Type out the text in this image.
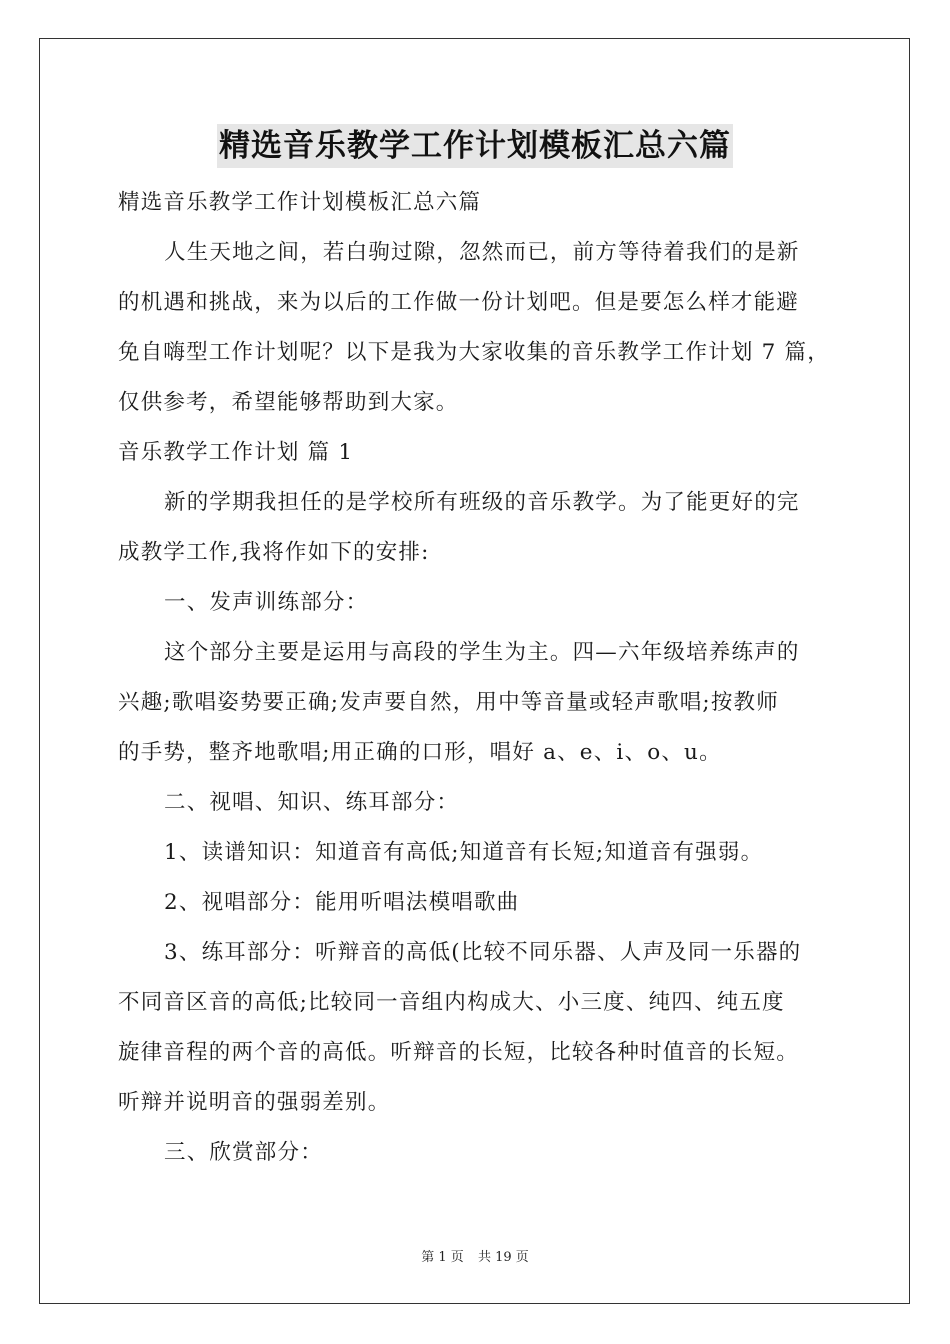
精选音乐教学工作计划模板汇总六篇
精选音乐教学工作计划模板汇总六篇
人生天地之间，若白驹过隙，忽然而已，前方等待着我们的是新
的机遇和挑战，来为以后的工作做一份计划吧。但是要怎么样才能避
免自嗨型工作计划呢？以下是我为大家收集的音乐教学工作计划 7 篇，
仅供参考，希望能够帮助到大家。
音乐教学工作计划 篇 1
新的学期我担任的是学校所有班级的音乐教学。为了能更好的完
成教学工作,我将作如下的安排:
一、发声训练部分：
这个部分主要是运用与高段的学生为主。四—六年级培养练声的
兴趣;歌唱姿势要正确;发声要自然，用中等音量或轻声歌唱;按教师
的手势，整齐地歌唱;用正确的口形，唱好 a、e、i、o、u。
二、视唱、知识、练耳部分：
1、读谱知识：知道音有高低;知道音有长短;知道音有强弱。
2、视唱部分：能用听唱法模唱歌曲
3、练耳部分：听辩音的高低(比较不同乐器、人声及同一乐器的
不同音区音的高低;比较同一音组内构成大、小三度、纯四、纯五度
旋律音程的两个音的高低。听辩音的长短，比较各种时值音的长短。
听辩并说明音的强弱差别。
三、欣赏部分：
第 1 页 共 19 页
